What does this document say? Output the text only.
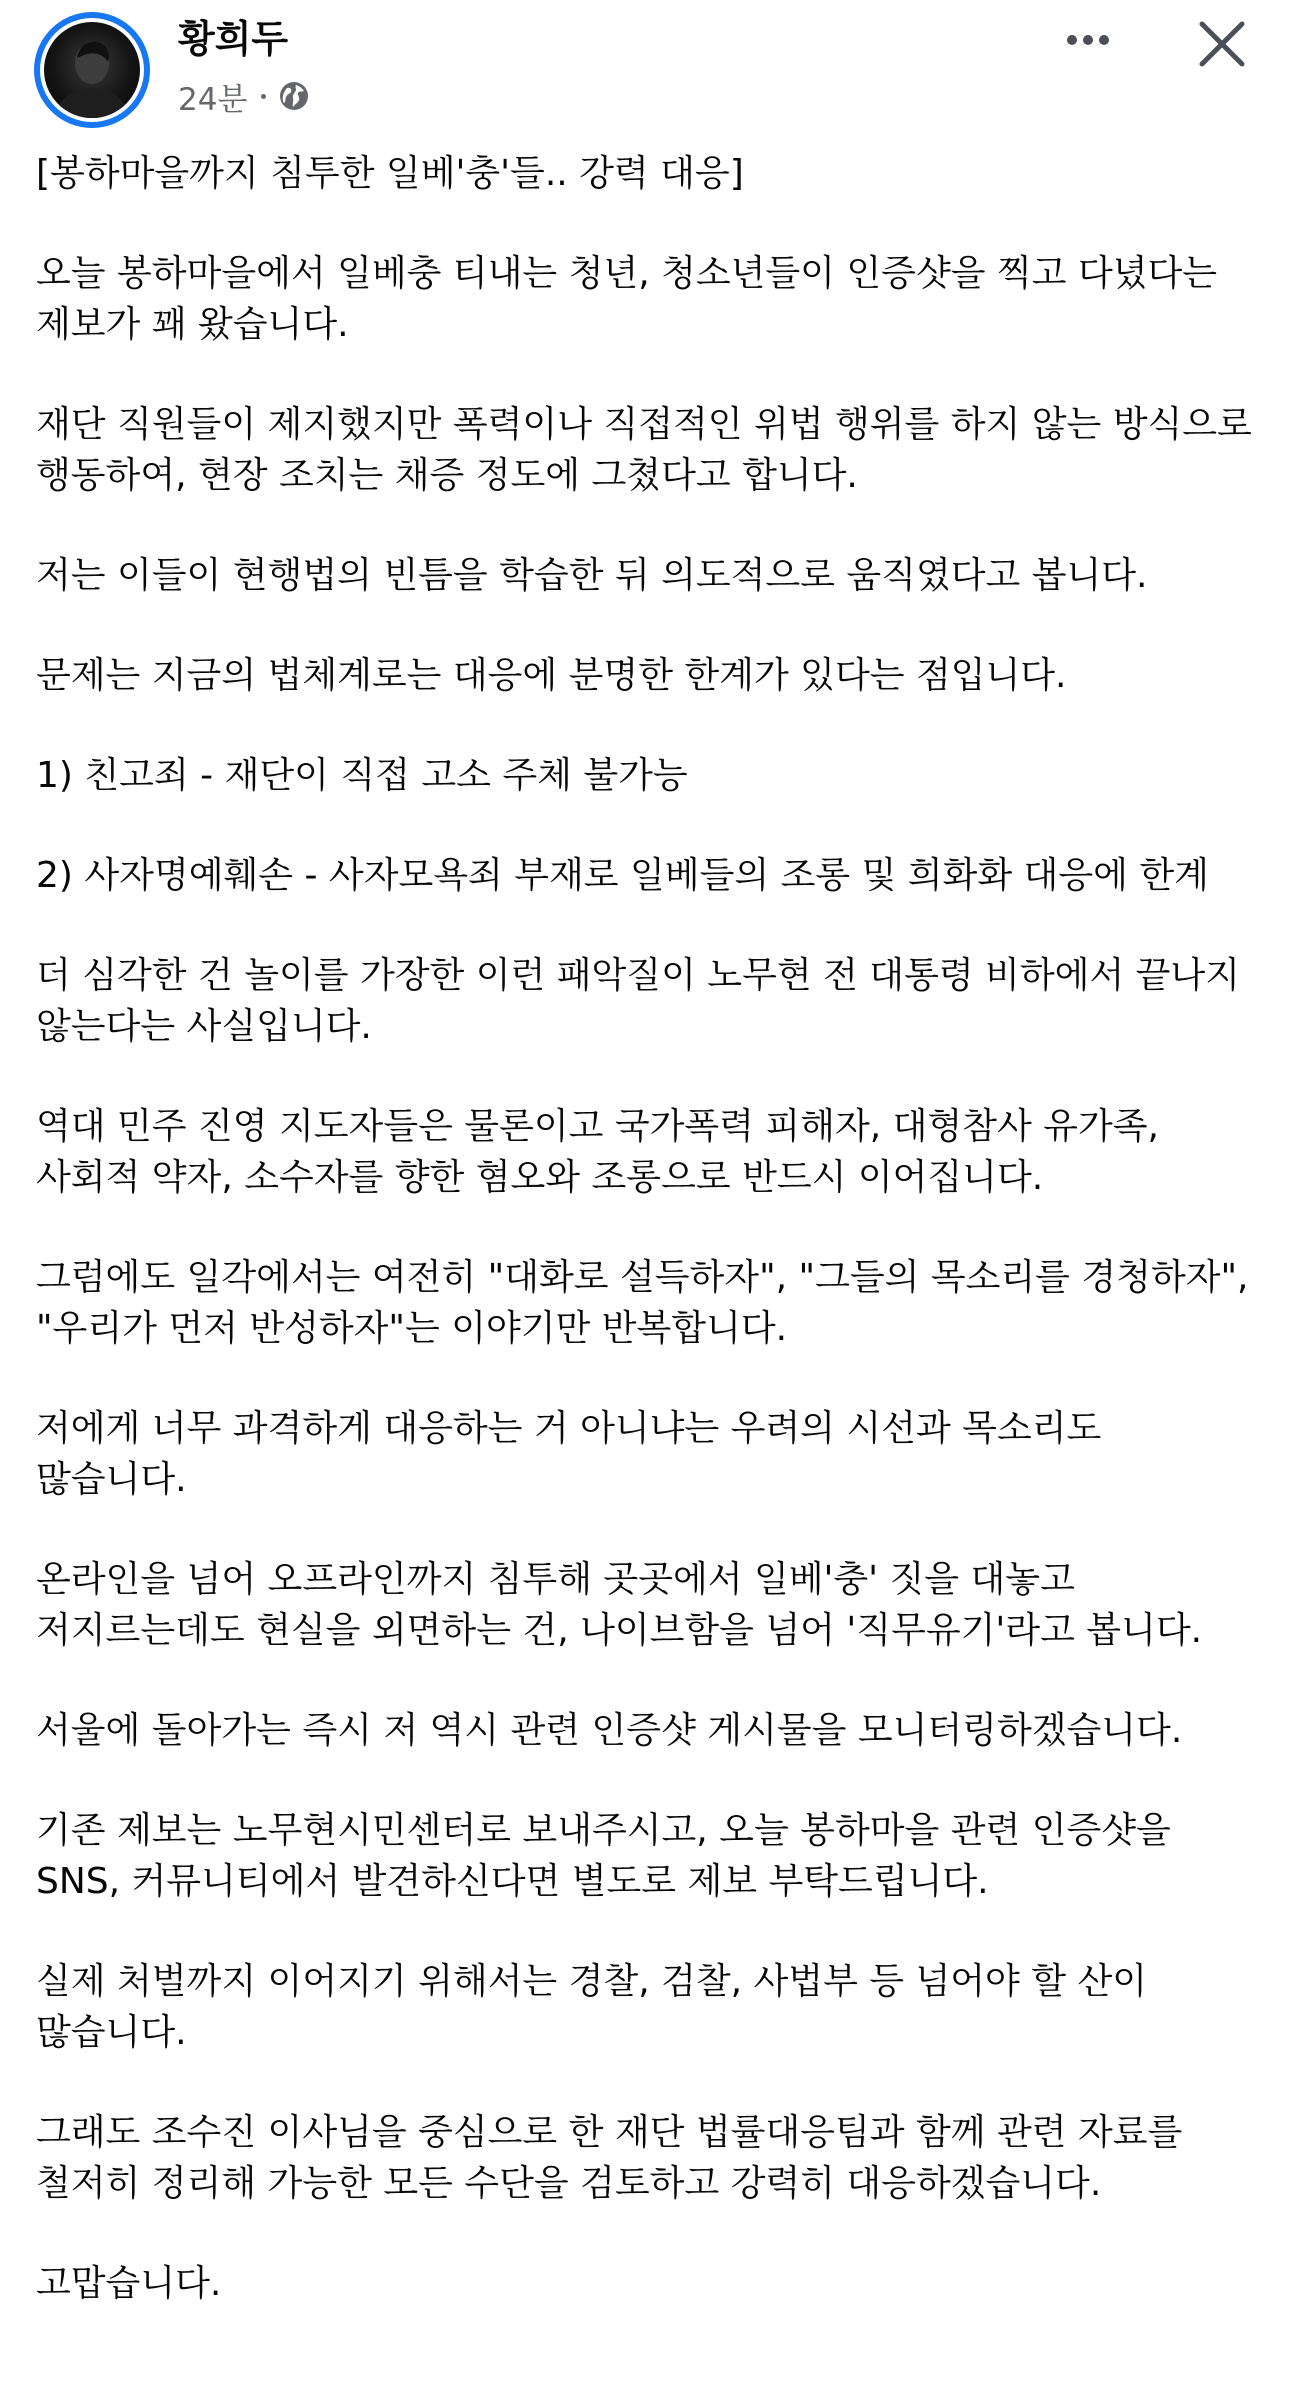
황희두
24분

[봉하마을까지 침투한 일베'충'들.. 강력 대응]

오늘 봉하마을에서 일베충 티내는 청년, 청소년들이 인증샷을 찍고 다녔다는 제보가 꽤 왔습니다.

재단 직원들이 제지했지만 폭력이나 직접적인 위법 행위를 하지 않는 방식으로 행동하여, 현장 조치는 채증 정도에 그쳤다고 합니다.

저는 이들이 현행법의 빈틈을 학습한 뒤 의도적으로 움직였다고 봅니다.

문제는 지금의 법체계로는 대응에 분명한 한계가 있다는 점입니다.

1) 친고죄 - 재단이 직접 고소 주체 불가능

2) 사자명예훼손 - 사자모욕죄 부재로 일베들의 조롱 및 희화화 대응에 한계

더 심각한 건 놀이를 가장한 이런 패악질이 노무현 전 대통령 비하에서 끝나지 않는다는 사실입니다.

역대 민주 진영 지도자들은 물론이고 국가폭력 피해자, 대형참사 유가족, 사회적 약자, 소수자를 향한 혐오와 조롱으로 반드시 이어집니다.

그럼에도 일각에서는 여전히 "대화로 설득하자", "그들의 목소리를 경청하자", "우리가 먼저 반성하자"는 이야기만 반복합니다.

저에게 너무 과격하게 대응하는 거 아니냐는 우려의 시선과 목소리도 많습니다.

온라인을 넘어 오프라인까지 침투해 곳곳에서 일베'충' 짓을 대놓고 저지르는데도 현실을 외면하는 건, 나이브함을 넘어 '직무유기'라고 봅니다.

서울에 돌아가는 즉시 저 역시 관련 인증샷 게시물을 모니터링하겠습니다.

기존 제보는 노무현시민센터로 보내주시고, 오늘 봉하마을 관련 인증샷을 SNS, 커뮤니티에서 발견하신다면 별도로 제보 부탁드립니다.

실제 처벌까지 이어지기 위해서는 경찰, 검찰, 사법부 등 넘어야 할 산이 많습니다.

그래도 조수진 이사님을 중심으로 한 재단 법률대응팀과 함께 관련 자료를 철저히 정리해 가능한 모든 수단을 검토하고 강력히 대응하겠습니다.

고맙습니다.
